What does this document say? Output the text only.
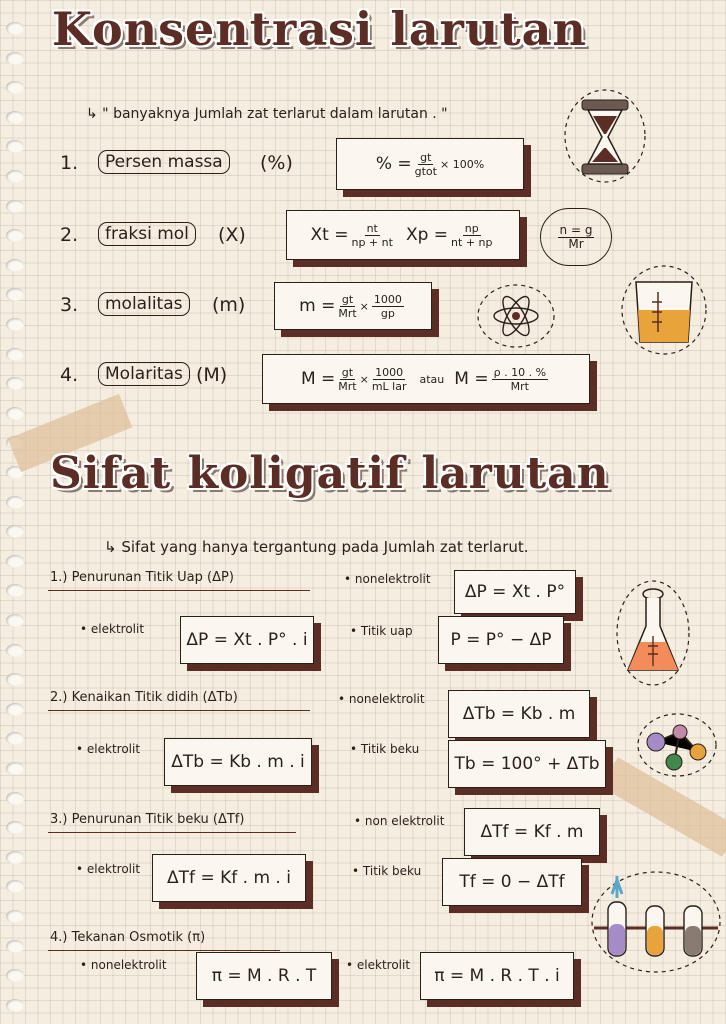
Konsentrasi larutan
↳ " banyaknya Jumlah zat terlarut dalam larutan . "
1.	Persen massa	(%)	% = $\frac{gt}{\text{gtot}} \times 100\%$
2.	fraksi mol	(X)	$Xt = \frac{nt}{np + nt}$ $Xp = \frac{np}{nt + np}$	$\frac{n = g}{Mr}$
3.	molalitas	(m)	$m = \frac{gt}{\text{Mrt}} \times \frac{1000}{gp}$
4.	Molaritas (M)	$M = \frac{gt}{\text{Mrt}} \times \frac{1000}{\text{mL lar}}$ atau $M = \frac{\rho . 10 . \%}{\text{Mrt}}$
Sifat koligatif larutan
↳ Sifat yang hanya tergantung pada Jumlah zat terlarut.
1.) Penurunan Titik Uap (ΔP)	• nonelektrolit
ΔP = Xt . P°
• elektrolit
ΔP = Xt . P° . i	• Titik uap	P = P° − ΔP
2.) Kenaikan Titik didih (ΔTb)	• nonelektrolit
ΔTb = Kb . m
• elektrolit
ΔTb = Kb . m . i
• Titik beku
Tb = 100° + ΔTb
3.) Penurunan Titik beku (ΔTf)	• non elektrolit
ΔTf = Kf . m
• elektrolit	ΔTf = Kf . m . i	• Titik beku
Tf = 0 − ΔTf
4.) Tekanan Osmotik (π)
• nonelektrolit
π = M . R . T
• elektrolit
π = M . R . T . i
